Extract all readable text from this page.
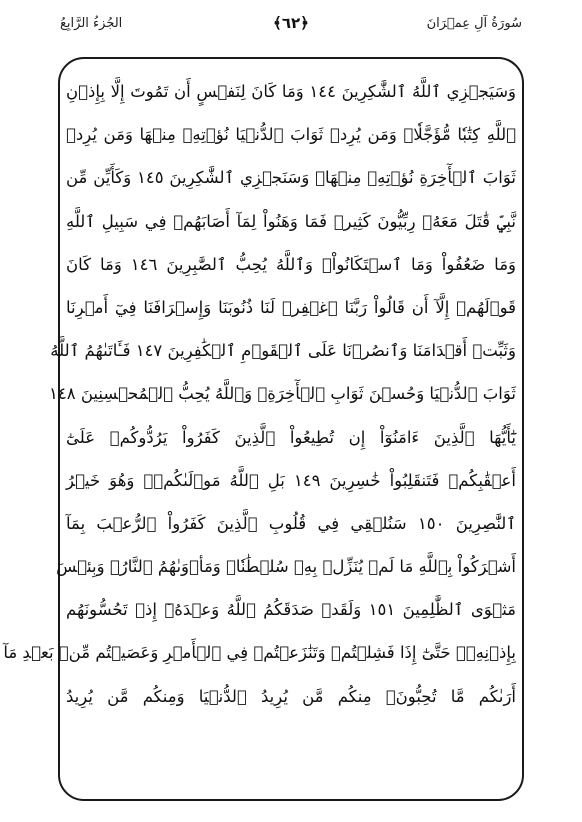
سُورَةُ آلِ عِمۡرَانَ
﴿٦٢﴾
الجُزءُ الرَّابِعُ
وَسَيَجۡزِي ٱللَّهُ ٱلشَّٰكِرِينَ ١٤٤ وَمَا كَانَ لِنَفۡسٍ أَن تَمُوتَ إِلَّا بِإِذۡنِ
ٱللَّهِ كِتَٰبٗا مُّؤَجَّلٗاۗ وَمَن يُرِدۡ ثَوَابَ ٱلدُّنۡيَا نُؤۡتِهِۦ مِنۡهَا وَمَن يُرِدۡ
ثَوَابَ ٱلۡأٓخِرَةِ نُؤۡتِهِۦ مِنۡهَاۚ وَسَنَجۡزِي ٱلشَّٰكِرِينَ ١٤٥ وَكَأَيِّن مِّن
نَّبِيّٖ قَٰتَلَ مَعَهُۥ رِبِّيُّونَ كَثِيرٞ فَمَا وَهَنُواْ لِمَآ أَصَابَهُمۡ فِي سَبِيلِ ٱللَّهِ
وَمَا ضَعُفُواْ وَمَا ٱسۡتَكَانُواْۗ وَٱللَّهُ يُحِبُّ ٱلصَّٰبِرِينَ ١٤٦ وَمَا كَانَ
قَوۡلَهُمۡ إِلَّآ أَن قَالُواْ رَبَّنَا ٱغۡفِرۡ لَنَا ذُنُوبَنَا وَإِسۡرَافَنَا فِيٓ أَمۡرِنَا
وَثَبِّتۡ أَقۡدَامَنَا وَٱنصُرۡنَا عَلَى ٱلۡقَوۡمِ ٱلۡكَٰفِرِينَ ١٤٧ فَـَٔاتَىٰهُمُ ٱللَّهُ
ثَوَابَ ٱلدُّنۡيَا وَحُسۡنَ ثَوَابِ ٱلۡأٓخِرَةِۗ وَٱللَّهُ يُحِبُّ ٱلۡمُحۡسِنِينَ ١٤٨
يَٰٓأَيُّهَا ٱلَّذِينَ ءَامَنُوٓاْ إِن تُطِيعُواْ ٱلَّذِينَ كَفَرُواْ يَرُدُّوكُمۡ عَلَىٰٓ
أَعۡقَٰبِكُمۡ فَتَنقَلِبُواْ خَٰسِرِينَ ١٤٩ بَلِ ٱللَّهُ مَوۡلَىٰكُمۡۖ وَهُوَ خَيۡرُ
ٱلنَّٰصِرِينَ ١٥٠ سَنُلۡقِي فِي قُلُوبِ ٱلَّذِينَ كَفَرُواْ ٱلرُّعۡبَ بِمَآ
أَشۡرَكُواْ بِٱللَّهِ مَا لَمۡ يُنَزِّلۡ بِهِۦ سُلۡطَٰنٗاۖ وَمَأۡوَىٰهُمُ ٱلنَّارُۖ وَبِئۡسَ
مَثۡوَى ٱلظَّٰلِمِينَ ١٥١ وَلَقَدۡ صَدَقَكُمُ ٱللَّهُ وَعۡدَهُۥٓ إِذۡ تَحُسُّونَهُم
بِإِذۡنِهِۦۖ حَتَّىٰٓ إِذَا فَشِلۡتُمۡ وَتَنَٰزَعۡتُمۡ فِي ٱلۡأَمۡرِ وَعَصَيۡتُم مِّنۢ بَعۡدِ مَآ
أَرَىٰكُم مَّا تُحِبُّونَۚ مِنكُم مَّن يُرِيدُ ٱلدُّنۡيَا وَمِنكُم مَّن يُرِيدُ
